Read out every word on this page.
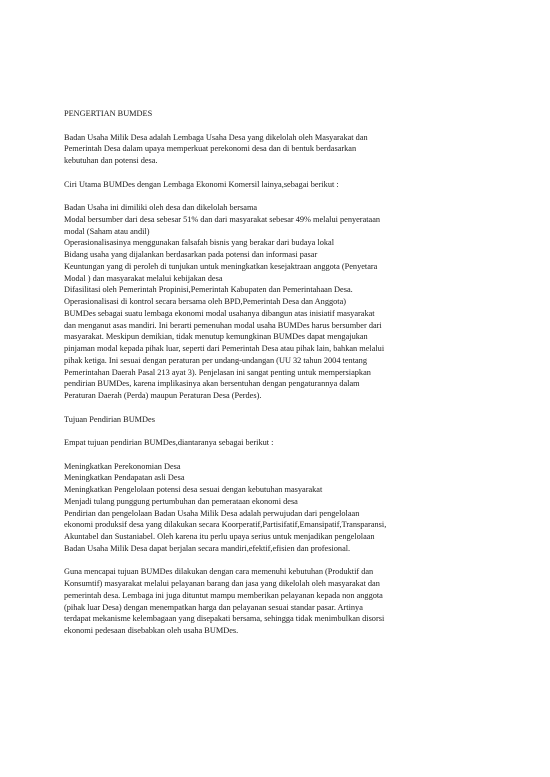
PENGERTIAN BUMDES

Badan Usaha Milik Desa adalah Lembaga Usaha Desa yang dikelolah oleh Masyarakat dan

Pemerintah Desa dalam upaya memperkuat perekonomi desa dan di bentuk berdasarkan

kebutuhan dan potensi desa.

Ciri Utama BUMDes dengan Lembaga Ekonomi Komersil lainya,sebagai berikut :

Badan Usaha ini dimiliki oleh desa dan dikelolah bersama

Modal bersumber dari desa sebesar 51% dan dari masyarakat sebesar 49% melalui penyerataan

modal (Saham atau andil)

Operasionalisasinya menggunakan falsafah bisnis yang berakar dari budaya lokal

Bidang usaha yang dijalankan berdasarkan pada potensi dan informasi pasar

Keuntungan yang di peroleh di tunjukan untuk meningkatkan kesejaktraan anggota (Penyetara

Modal ) dan masyarakat melalui kebijakan desa

Difasilitasi oleh Pemerintah Propinisi,Pemerintah Kabupaten dan Pemerintahaan Desa.

Operasionalisasi di kontrol secara bersama oleh BPD,Pemerintah Desa dan Anggota)

BUMDes sebagai suatu lembaga ekonomi modal usahanya dibangun atas inisiatif masyarakat

dan menganut asas mandiri. Ini berarti pemenuhan modal usaha BUMDes harus bersumber dari

masyarakat. Meskipun demikian, tidak menutup kemungkinan BUMDes dapat mengajukan

pinjaman modal kepada pihak luar, seperti dari Pemerintah Desa atau pihak lain, bahkan melalui

pihak ketiga. Ini sesuai dengan peraturan per undang-undangan (UU 32 tahun 2004 tentang

Pemerintahan Daerah Pasal 213 ayat 3). Penjelasan ini sangat penting untuk mempersiapkan

pendirian BUMDes, karena implikasinya akan bersentuhan dengan pengaturannya dalam

Peraturan Daerah (Perda) maupun Peraturan Desa (Perdes).

Tujuan Pendirian BUMDes

Empat tujuan pendirian BUMDes,diantaranya sebagai berikut :

Meningkatkan Perekonomian Desa

Meningkatkan Pendapatan asli Desa

Meningkatkan Pengelolaan potensi desa sesuai dengan kebutuhan masyarakat

Menjadi tulang punggung pertumbuhan dan pemerataan ekonomi desa

Pendirian dan pengelolaan Badan Usaha Milik Desa adalah perwujudan dari pengelolaan

ekonomi produksif desa yang dilakukan secara Koorperatif,Partisifatif,Emansipatif,Transparansi,

Akuntabel dan Sustaniabel. Oleh karena itu perlu upaya serius untuk menjadikan pengelolaan

Badan Usaha Milik Desa dapat berjalan secara mandiri,efektif,efisien dan profesional.

Guna mencapai tujuan BUMDes dilakukan dengan cara memenuhi kebutuhan (Produktif dan

Konsumtif) masyarakat melalui pelayanan barang dan jasa yang dikelolah oleh masyarakat dan

pemerintah desa. Lembaga ini juga dituntut mampu memberikan pelayanan kepada non anggota

(pihak luar Desa) dengan menempatkan harga dan pelayanan sesuai standar pasar. Artinya

terdapat mekanisme kelembagaan yang disepakati bersama, sehingga tidak menimbulkan disorsi

ekonomi pedesaan disebabkan oleh usaha BUMDes.
